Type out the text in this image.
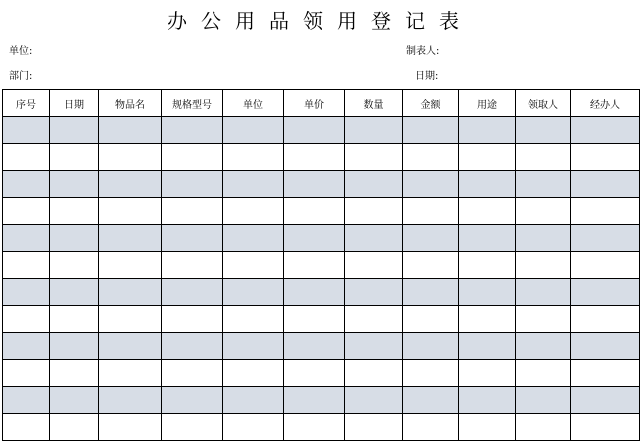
办公用品领用登记表
单位:	制表人:
部门:	日期:
序号	日期	物品名	规格型号	单位	单价	数量	金额	用途	领取人	经办人
